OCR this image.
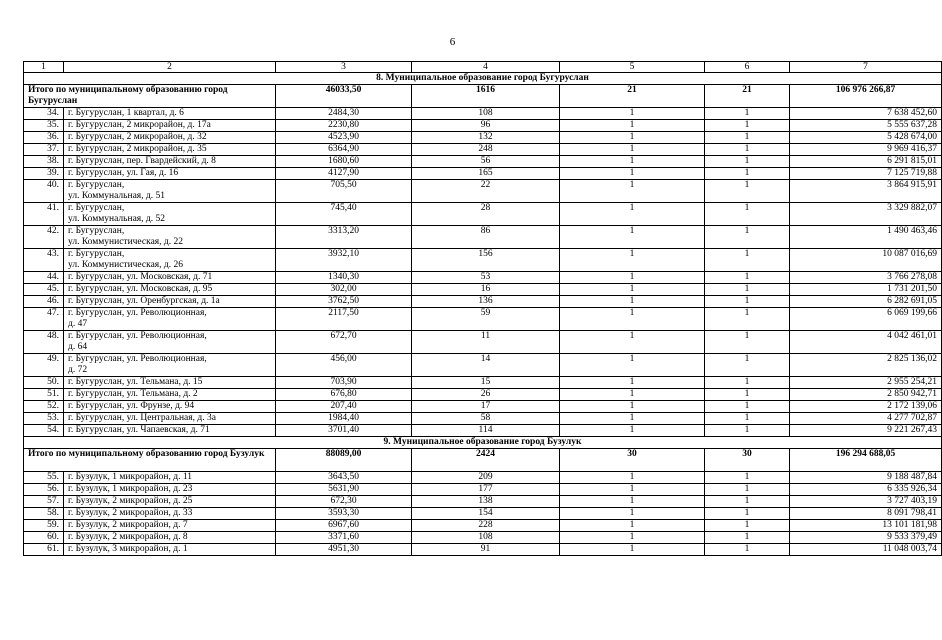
6
1	2	3	4	5	6	7
8. Муниципальное образование город Бугуруслан						
Итого по муниципальному образованию город Бугуруслан		46033,50	1616	21	21	106 976 266,87
34.	г. Бугуруслан, 1 квартал, д. 6	2484,30	108	1	1	7 638 452,60
35.	г. Бугуруслан, 2 микрорайон, д. 17а	2230,80	96	1	1	5 555 637,28
36.	г. Бугуруслан, 2 микрорайон, д. 32	4523,90	132	1	1	5 428 674,00
37.	г. Бугуруслан, 2 микрорайон, д. 35	6364,90	248	1	1	9 969 416,37
38.	г. Бугуруслан, пер. Гвардейский, д. 8	1680,60	56	1	1	6 291 815,01
39.	г. Бугуруслан, ул. Гая, д. 16	4127,90	165	1	1	7 125 719,88
40.	г. Бугуруслан,
ул. Коммунальная, д. 51	705,50	22	1	1	3 864 915,91
41.	г. Бугуруслан,
ул. Коммунальная, д. 52	745,40	28	1	1	3 329 882,07
42.	г. Бугуруслан,
ул. Коммунистическая, д. 22	3313,20	86	1	1	1 490 463,46
43.	г. Бугуруслан,
ул. Коммунистическая, д. 26	3932,10	156	1	1	10 087 016,69
44.	г. Бугуруслан, ул. Московская, д. 71	1340,30	53	1	1	3 766 278,08
45.	г. Бугуруслан, ул. Московская, д. 95	302,00	16	1	1	1 731 201,50
46.	г. Бугуруслан, ул. Оренбургская, д. 1а	3762,50	136	1	1	6 282 691,05
47.	г. Бугуруслан, ул. Революционная,
д. 47	2117,50	59	1	1	6 069 199,66
48.	г. Бугуруслан, ул. Революционная,
д. 64	672,70	11	1	1	4 042 461,01
49.	г. Бугуруслан, ул. Революционная,
д. 72	456,00	14	1	1	2 825 136,02
50.	г. Бугуруслан, ул. Тельмана, д. 15	703,90	15	1	1	2 955 254,21
51.	г. Бугуруслан, ул. Тельмана, д. 2	676,80	26	1	1	2 850 942,71
52.	г. Бугуруслан, ул. Фрунзе, д. 94	207,40	17	1	1	2 172 139,06
53.	г. Бугуруслан, ул. Центральная, д. 3а	1984,40	58	1	1	4 277 702,87
54.	г. Бугуруслан, ул. Чапаевская, д. 71	3701,40	114	1	1	9 221 267,43
9. Муниципальное образование город Бузулук						
Итого по муниципальному образованию город Бузулук		88089,00	2424	30	30	196 294 688,05
55.	г. Бузулук, 1 микрорайон, д. 11	3643,50	209	1	1	9 188 487,84
56.	г. Бузулук, 1 микрорайон, д. 23	5631,90	177	1	1	6 335 926,34
57.	г. Бузулук, 2 микрорайон, д. 25	672,30	138	1	1	3 727 403,19
58.	г. Бузулук, 2 микрорайон, д. 33	3593,30	154	1	1	8 091 798,41
59.	г. Бузулук, 2 микрорайон, д. 7	6967,60	228	1	1	13 101 181,98
60.	г. Бузулук, 2 микрорайон, д. 8	3371,60	108	1	1	9 533 379,49
61.	г. Бузулук, 3 микрорайон, д. 1	4951,30	91	1	1	11 048 003,74
